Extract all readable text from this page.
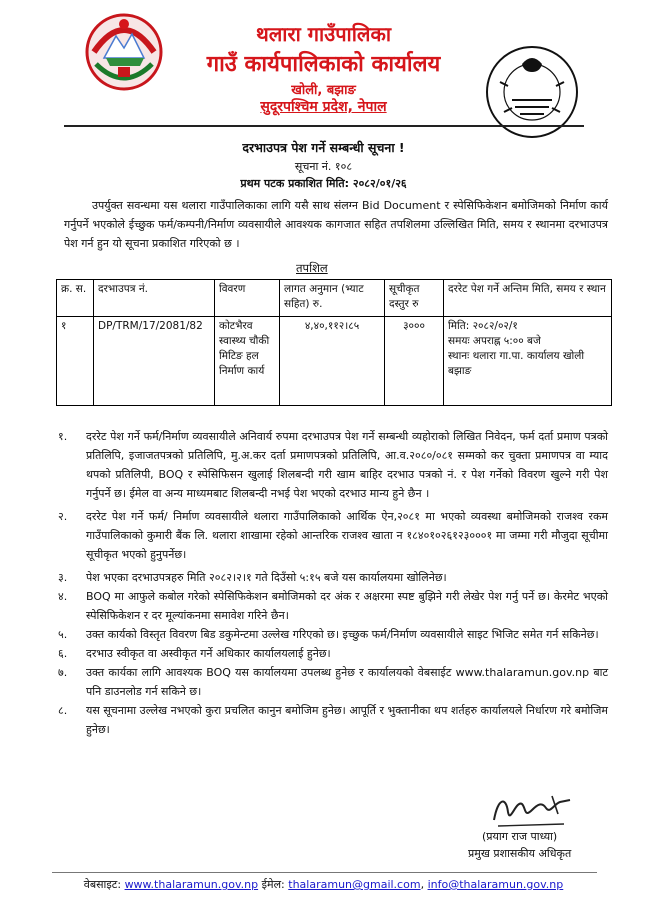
थलारा गाउँपालिका
गाउँ कार्यपालिकाको कार्यालय
खोली, बझाङ
सुदूरपश्चिम प्रदेश, नेपाल
दरभाउपत्र पेश गर्ने सम्बन्धी सूचना !
सूचना नं. १०८
प्रथम पटक प्रकाशित मिति: २०८२/०१/२६
उपर्युक्त सवन्धमा यस थलारा गाउँपालिकाका लागि यसै साथ संलग्न Bid Document र स्पेसिफिकेशन बमोजिमको निर्माण कार्य गर्नुपर्ने भएकोले ईच्छुक फर्म/कम्पनी/निर्माण व्यवसायीले आवश्यक कागजात सहित तपशिलमा उल्लिखित मिति, समय र स्थानमा दरभाउपत्र पेश गर्न हुन यो सूचना प्रकाशित गरिएको छ ।
तपशिल
क्र. स.	दरभाउपत्र नं.	विवरण	लागत अनुमान (भ्याट सहित) रु.	सूचीकृत दस्तुर रु	दररेट पेश गर्ने अन्तिम मिति, समय र स्थान
१	DP/TRM/17/2081/82	कोटभैरव स्वास्थ्य चौकी मिटिङ हल निर्माण कार्य	४,४०,११२।८५	३०००	मिति: २०८२/०२/१
समयः अपराह्न ५:०० बजे
स्थानः थलारा गा.पा. कार्यालय खोली बझाङ
१. दररेट पेश गर्ने फर्म/निर्माण व्यवसायीले अनिवार्य रुपमा दरभाउपत्र पेश गर्ने सम्बन्धी व्यहोराको लिखित निवेदन, फर्म दर्ता प्रमाण पत्रको प्रतिलिपि, इजाजतपत्रको प्रतिलिपि, मु.अ.कर दर्ता प्रमाणपत्रको प्रतिलिपि, आ.व.२०८०/०८१ सम्मको कर चुक्ता प्रमाणपत्र वा म्याद थपको प्रतिलिपी, BOQ र स्पेसिफिसन खुलाई शिलबन्दी गरी खाम बाहिर दरभाउ पत्रको नं. र पेश गर्नेको विवरण खुल्ने गरी पेश गर्नुपर्ने छ। ईमेल वा अन्य माध्यमबाट शिलबन्दी नभई पेश भएको दरभाउ मान्य हुने छैन ।
२. दररेट पेश गर्ने फर्म/ निर्माण व्यवसायीले थलारा गाउँपालिकाको आर्थिक ऐन,२०८१ मा भएको व्यवस्था बमोजिमको राजश्व रकम गाउँपालिकाको कुमारी बैंक लि. थलारा शाखामा रहेको आन्तरिक राजश्व खाता न १८४०१०२६१२३०००१ मा जम्मा गरी मौजुदा सूचीमा सूचीकृत भएको हुनुपर्नेछ।
३. पेश भएका दरभाउपत्रहरु मिति २०८२।२।१ गते दिउँसो ५:१५ बजे यस कार्यालयमा खोलिनेछ।
४. BOQ मा आफुले कबोल गरेको स्पेसिफिकेशन बमोजिमको दर अंक र अक्षरमा स्पष्ट बुझिने गरी लेखेर पेश गर्नु पर्ने छ। केरमेट भएको स्पेसिफिकेशन र दर मूल्यांकनमा समावेश गरिने छैन।
५. उक्त कार्यको विस्तृत विवरण बिड डकुमेन्टमा उल्लेख गरिएको छ। इच्छुक फर्म/निर्माण व्यवसायीले साइट भिजिट समेत गर्न सकिनेछ।
६. दरभाउ स्वीकृत वा अस्वीकृत गर्ने अधिकार कार्यालयलाई हुनेछ।
७. उक्त कार्यका लागि आवश्यक BOQ यस कार्यालयमा उपलब्ध हुनेछ र कार्यालयको वेबसाईट www.thalaramun.gov.np बाट पनि डाउनलोड गर्न सकिने छ।
८. यस सूचनामा उल्लेख नभएको कुरा प्रचलित कानुन बमोजिम हुनेछ। आपूर्ति र भुक्तानीका थप शर्तहरु कार्यालयले निर्धारण गरे बमोजिम हुनेछ।
(प्रयाग राज पाध्या)
प्रमुख प्रशासकीय अधिकृत
वेबसाइट: www.thalaramun.gov.np ईमेल: thalaramun@gmail.com, info@thalaramun.gov.np
